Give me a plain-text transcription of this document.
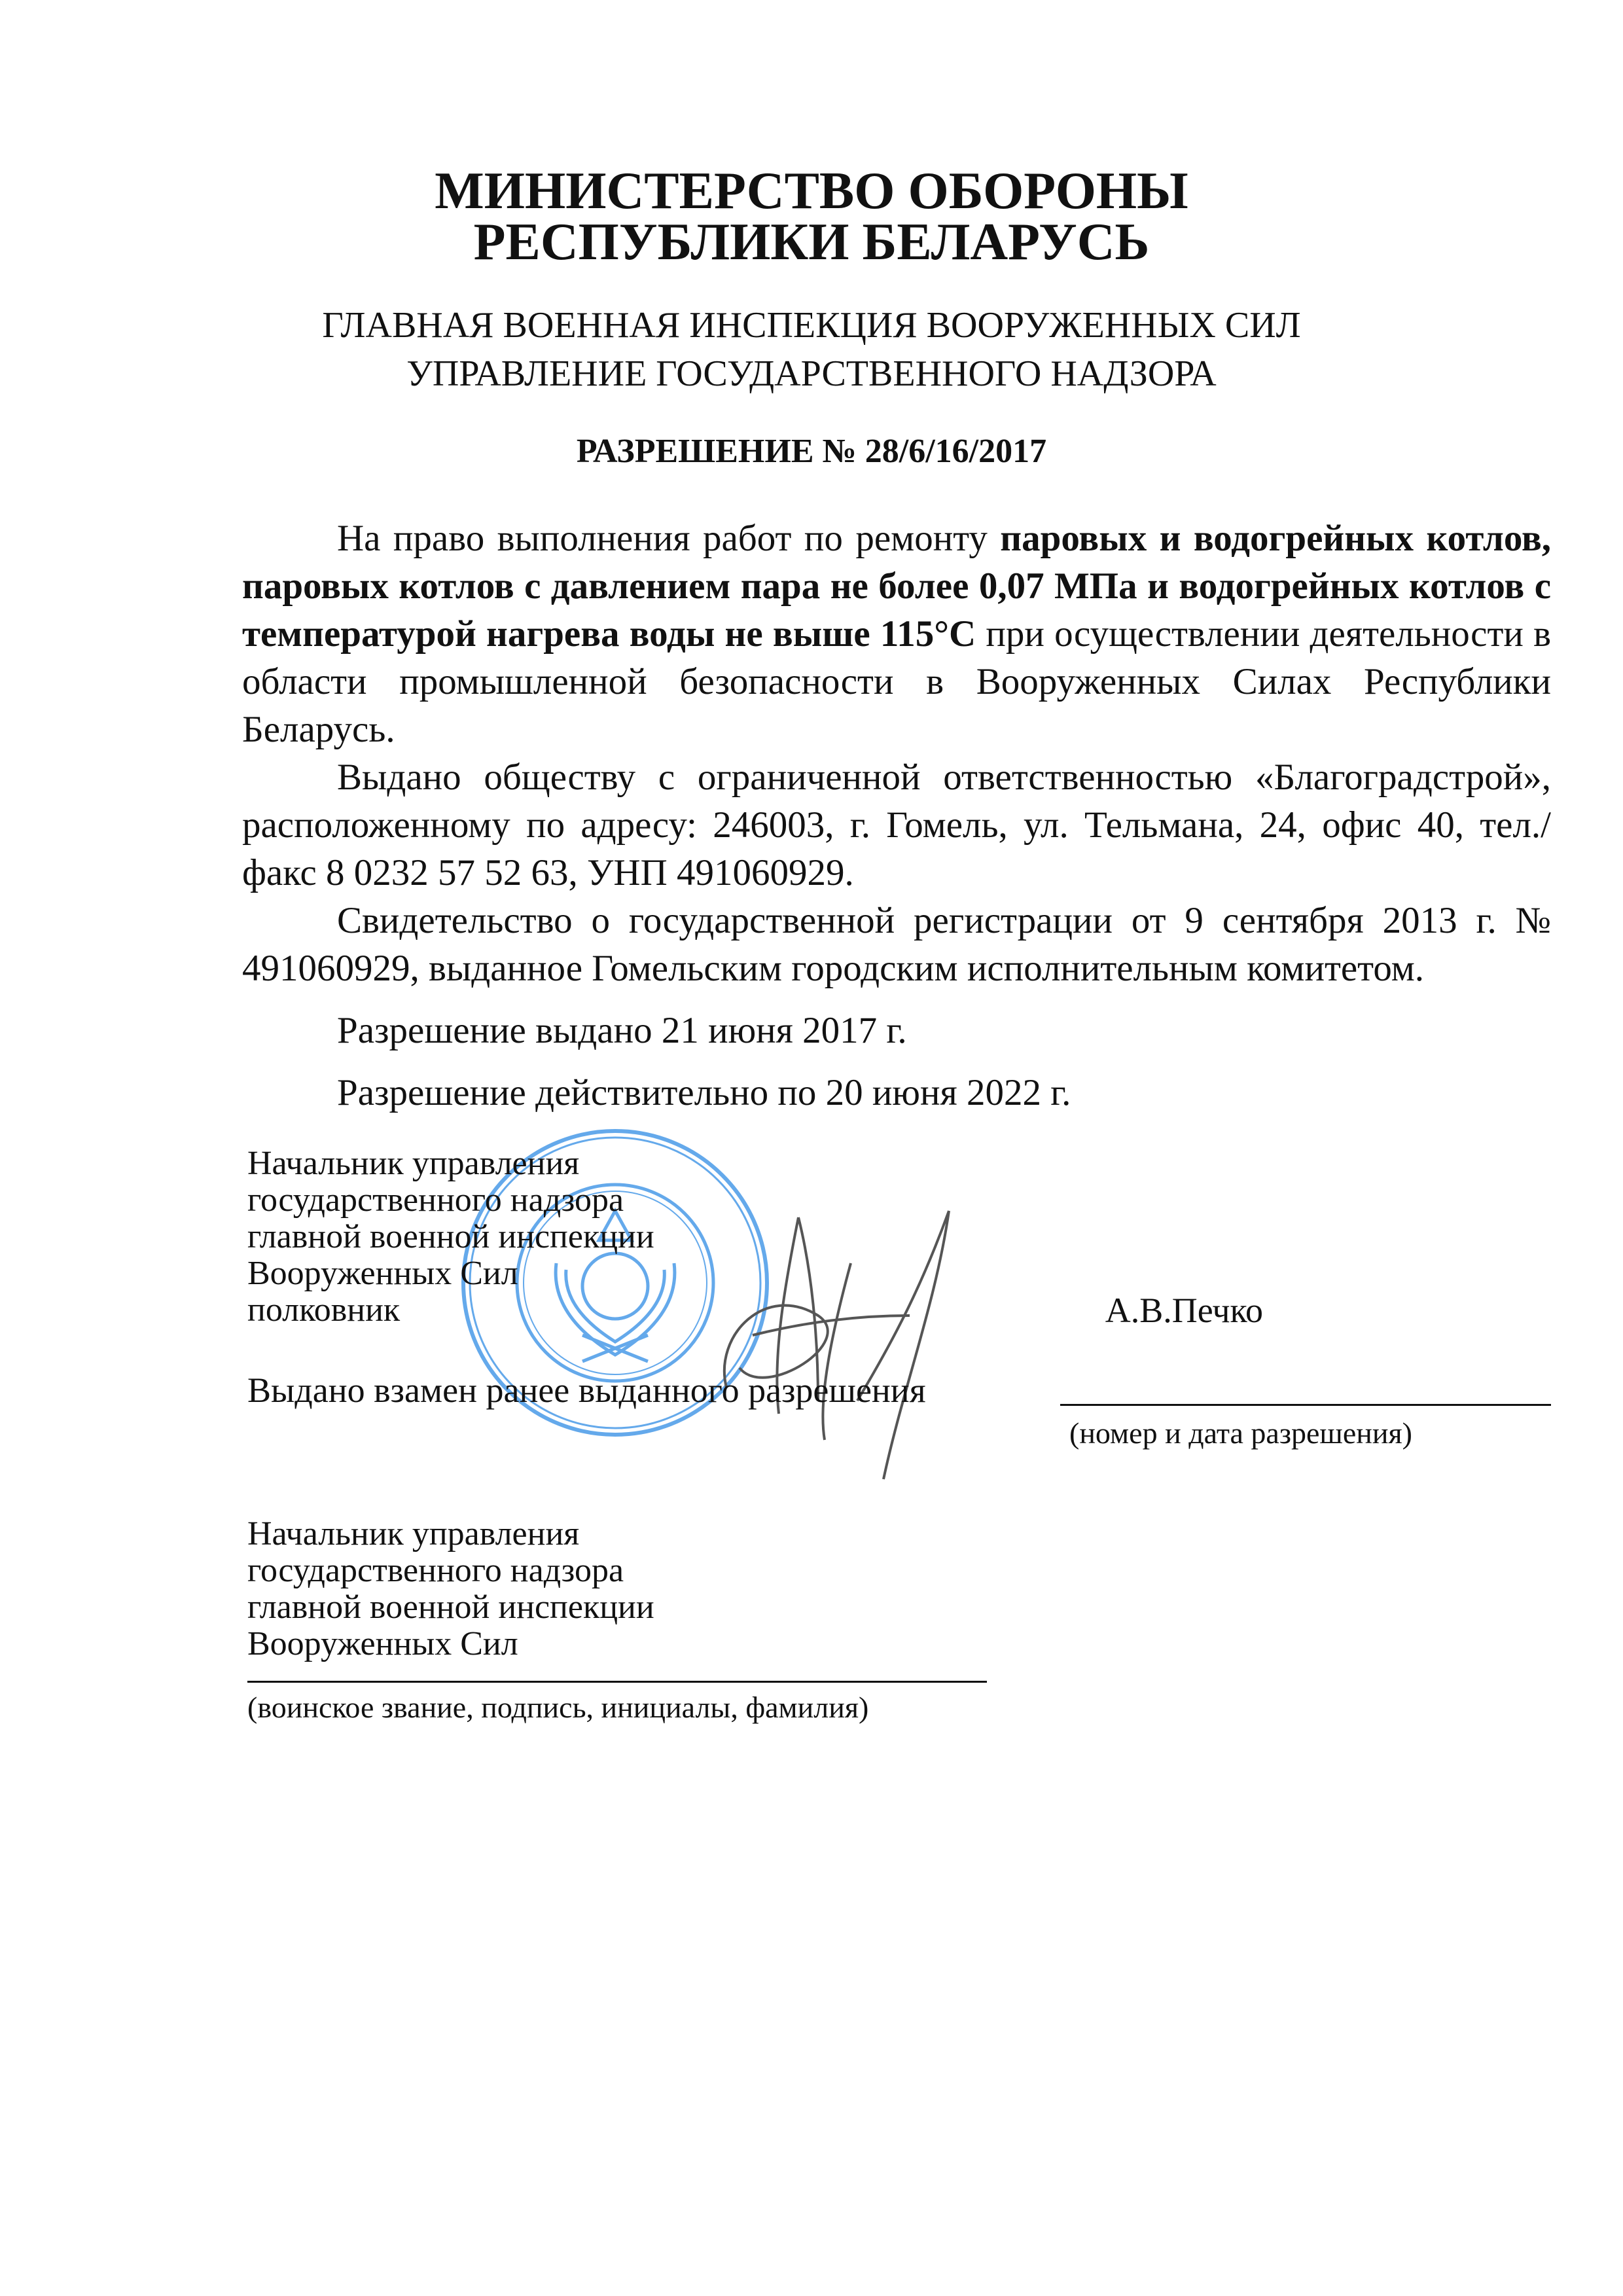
МИНИСТЕРСТВО ОБОРОНЫ
РЕСПУБЛИКИ БЕЛАРУСЬ
ГЛАВНАЯ ВОЕННАЯ ИНСПЕКЦИЯ ВООРУЖЕННЫХ СИЛ
УПРАВЛЕНИЕ ГОСУДАРСТВЕННОГО НАДЗОРА
РАЗРЕШЕНИЕ № 28/6/16/2017

На право выполнения работ по ремонту паровых и водогрейных котлов, паровых котлов с давлением пара не более 0,07 МПа и водогрейных котлов с температурой нагрева воды не выше 115°С при осуществлении деятельности в области промышленной безопасности в Вооруженных Силах Республики Беларусь.

Выдано обществу с ограниченной ответственностью «Благоградстрой», расположенному по адресу: 246003, г. Гомель, ул. Тельмана, 24, офис 40, тел./факс 8 0232 57 52 63, УНП 491060929.

Свидетельство о государственной регистрации от 9 сентября 2013 г. № 491060929, выданное Гомельским городским исполнительным комитетом.

Разрешение выдано 21 июня 2017 г.
Разрешение действительно по 20 июня 2022 г.
Начальник управления
государственного надзора
главной военной инспекции
Вооруженных Сил
полковник	А.В.Печко
Выдано взамен ранее выданного разрешения
(номер и дата разрешения)
Начальник управления
государственного надзора
главной военной инспекции
Вооруженных Сил
(воинское звание, подпись, инициалы, фамилия)
